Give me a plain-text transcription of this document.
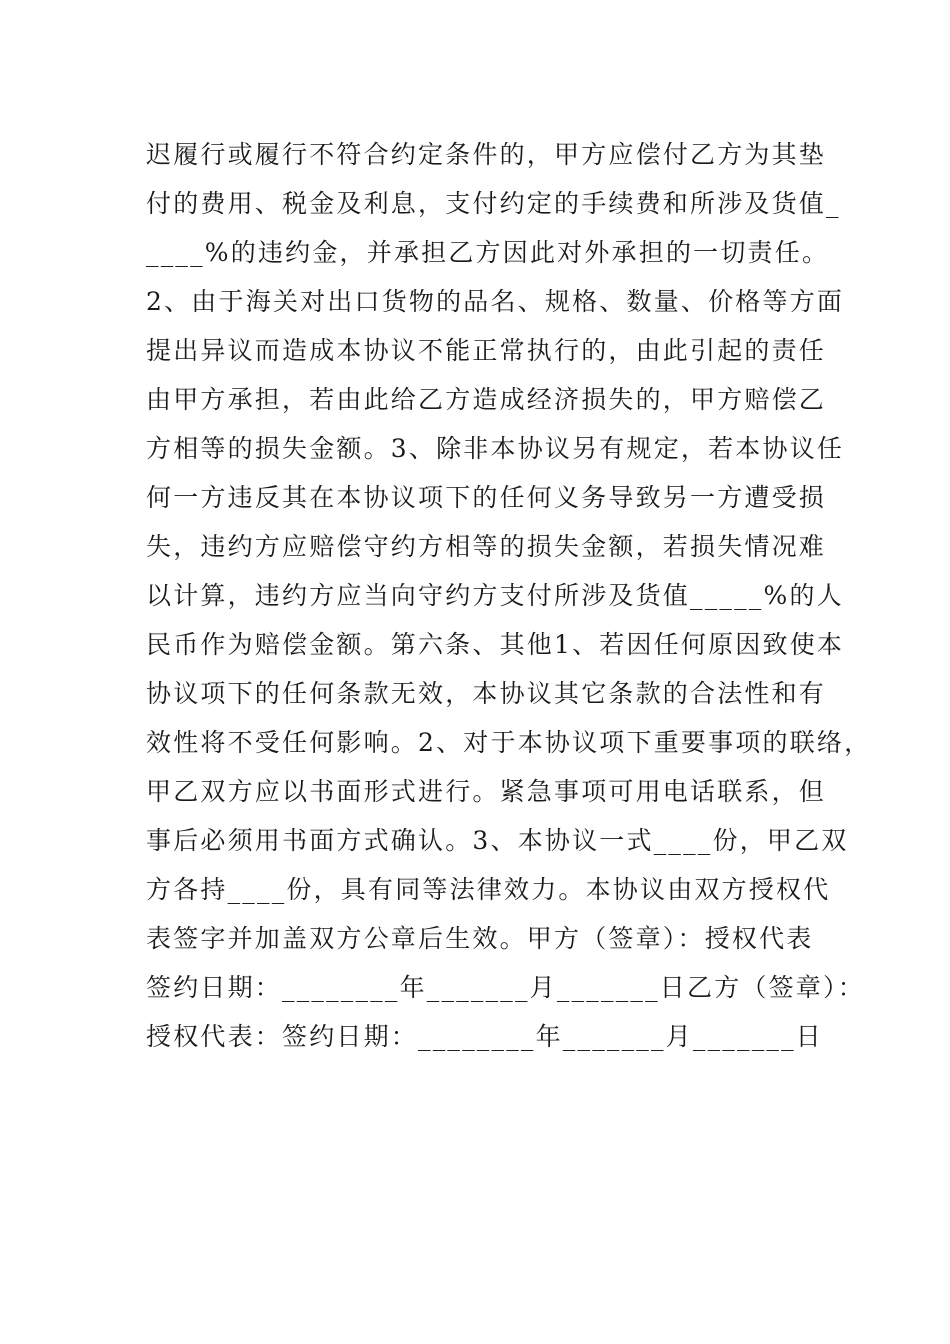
迟履行或履行不符合约定条件的，甲方应偿付乙方为其垫
付的费用、税金及利息，支付约定的手续费和所涉及货值_
____%的违约金，并承担乙方因此对外承担的一切责任。
2、由于海关对出口货物的品名、规格、数量、价格等方面
提出异议而造成本协议不能正常执行的，由此引起的责任
由甲方承担，若由此给乙方造成经济损失的，甲方赔偿乙
方相等的损失金额。3、除非本协议另有规定，若本协议任
何一方违反其在本协议项下的任何义务导致另一方遭受损
失，违约方应赔偿守约方相等的损失金额，若损失情况难
以计算，违约方应当向守约方支付所涉及货值_____%的人
民币作为赔偿金额。第六条、其他1、若因任何原因致使本
协议项下的任何条款无效，本协议其它条款的合法性和有
效性将不受任何影响。2、对于本协议项下重要事项的联络，
甲乙双方应以书面形式进行。紧急事项可用电话联系，但
事后必须用书面方式确认。3、本协议一式____份，甲乙双
方各持____份，具有同等法律效力。本协议由双方授权代
表签字并加盖双方公章后生效。甲方（签章）：授权代表
签约日期：________年_______月_______日乙方（签章）：
授权代表：签约日期：________年_______月_______日
